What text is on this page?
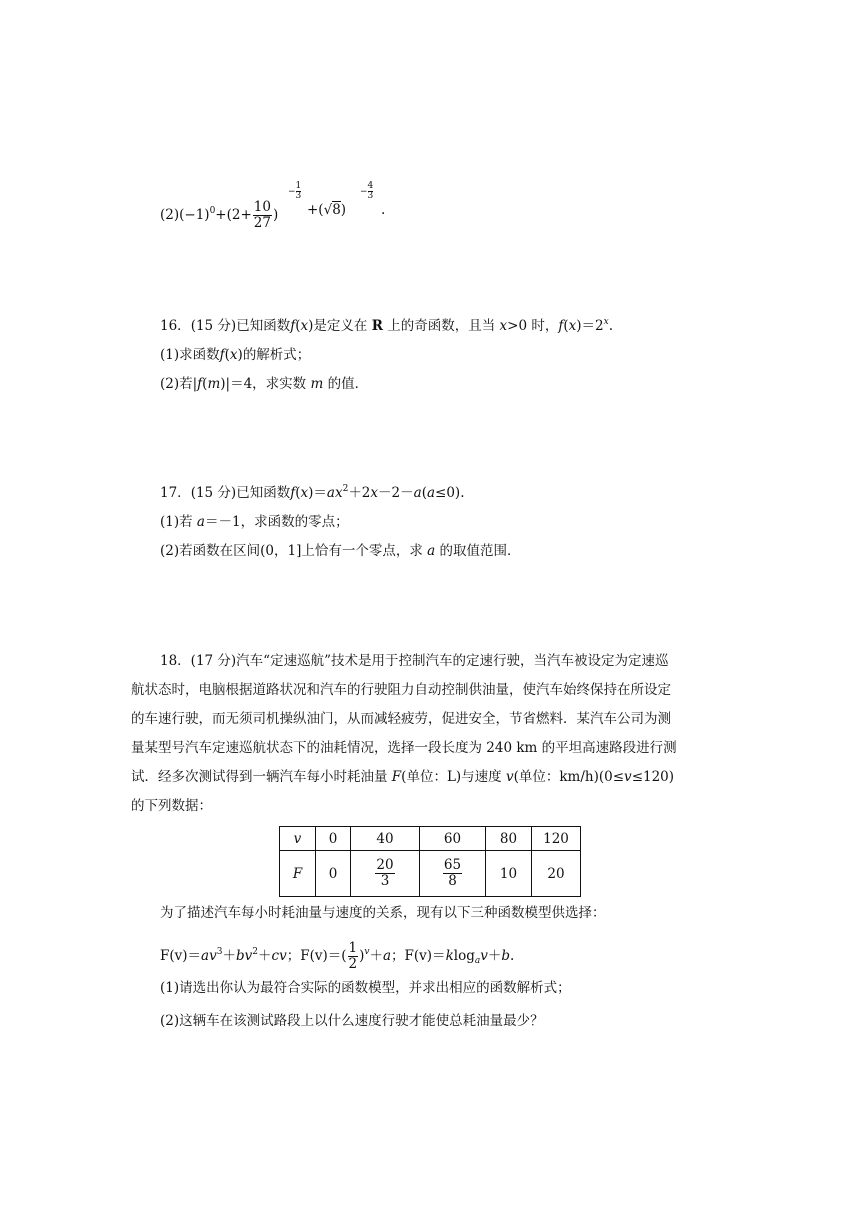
$(2)(-1)^0+(2+ \frac{10}{27}$ )
− $\frac{1}{3}$
+(√8)
− $\frac{4}{3}$
.
16．(15 分)已知函数f(x)是定义在 R 上的奇函数，且当 x>0 时，$f(x)=2^x$.
(1)求函数f(x)的解析式；
(2)若|f(m)|＝4，求实数 m 的值．
17．(15 分)已知函数$f(x)=ax^2+2x-2-a(a\le 0)$.
(1)若 a＝－1，求函数的零点；
(2)若函数在区间(0，1]上恰有一个零点，求 a 的取值范围．
18．(17 分)汽车“定速巡航”技术是用于控制汽车的定速行驶，当汽车被设定为定速巡
航状态时，电脑根据道路状况和汽车的行驶阻力自动控制供油量，使汽车始终保持在所设定
的车速行驶，而无须司机操纵油门，从而减轻疲劳，促进安全，节省燃料．某汽车公司为测
量某型号汽车定速巡航状态下的油耗情况，选择一段长度为 240 km 的平坦高速路段进行测
试．经多次测试得到一辆汽车每小时耗油量 F(单位：L)与速度 v(单位：km/h)(0≤v≤120)
的下列数据：
v	0	40	60	80	120
F	0	$\frac{20}{3}$	$\frac{65}{8}$	10	20
为了描述汽车每小时耗油量与速度的关系，现有以下三种函数模型供选择：
$F(v)=av^3+bv^2+cv$；$F(v)=( \frac{1}{2} )^v+a$；F(v)＝klog$_a$v＋b.
(1)请选出你认为最符合实际的函数模型，并求出相应的函数解析式；
(2)这辆车在该测试路段上以什么速度行驶才能使总耗油量最少？
